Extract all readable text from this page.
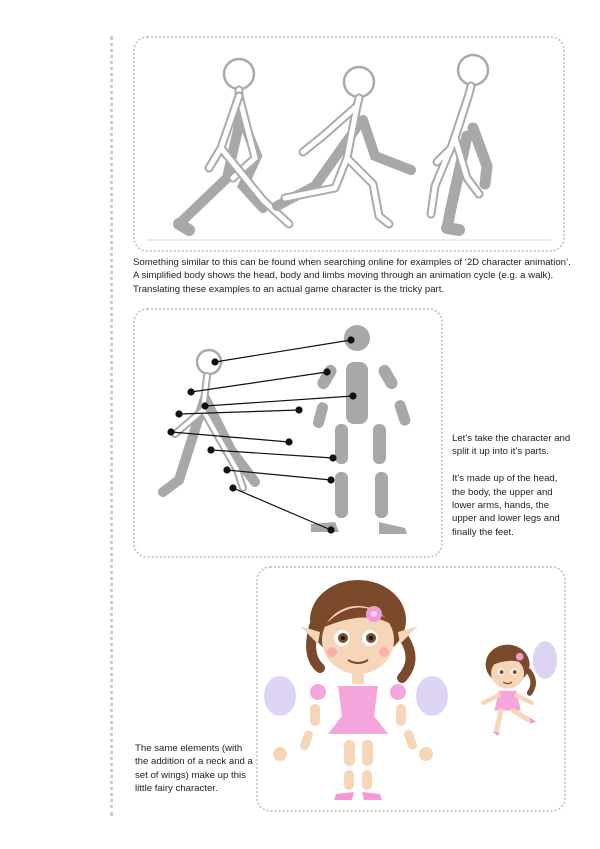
Something similar to this can be found when searching online for examples of ‘2D character animation’. A simplified body shows the head, body and limbs moving through an animation cycle (e.g. a walk). Translating these examples to an actual game character is the tricky part.

Let’s take the character and split it up into it’s parts.

It’s made up of the head, the body, the upper and lower arms, hands, the upper and lower legs and finally the feet.

The same elements (with the addition of a neck and a set of wings) make up this little fairy character.
